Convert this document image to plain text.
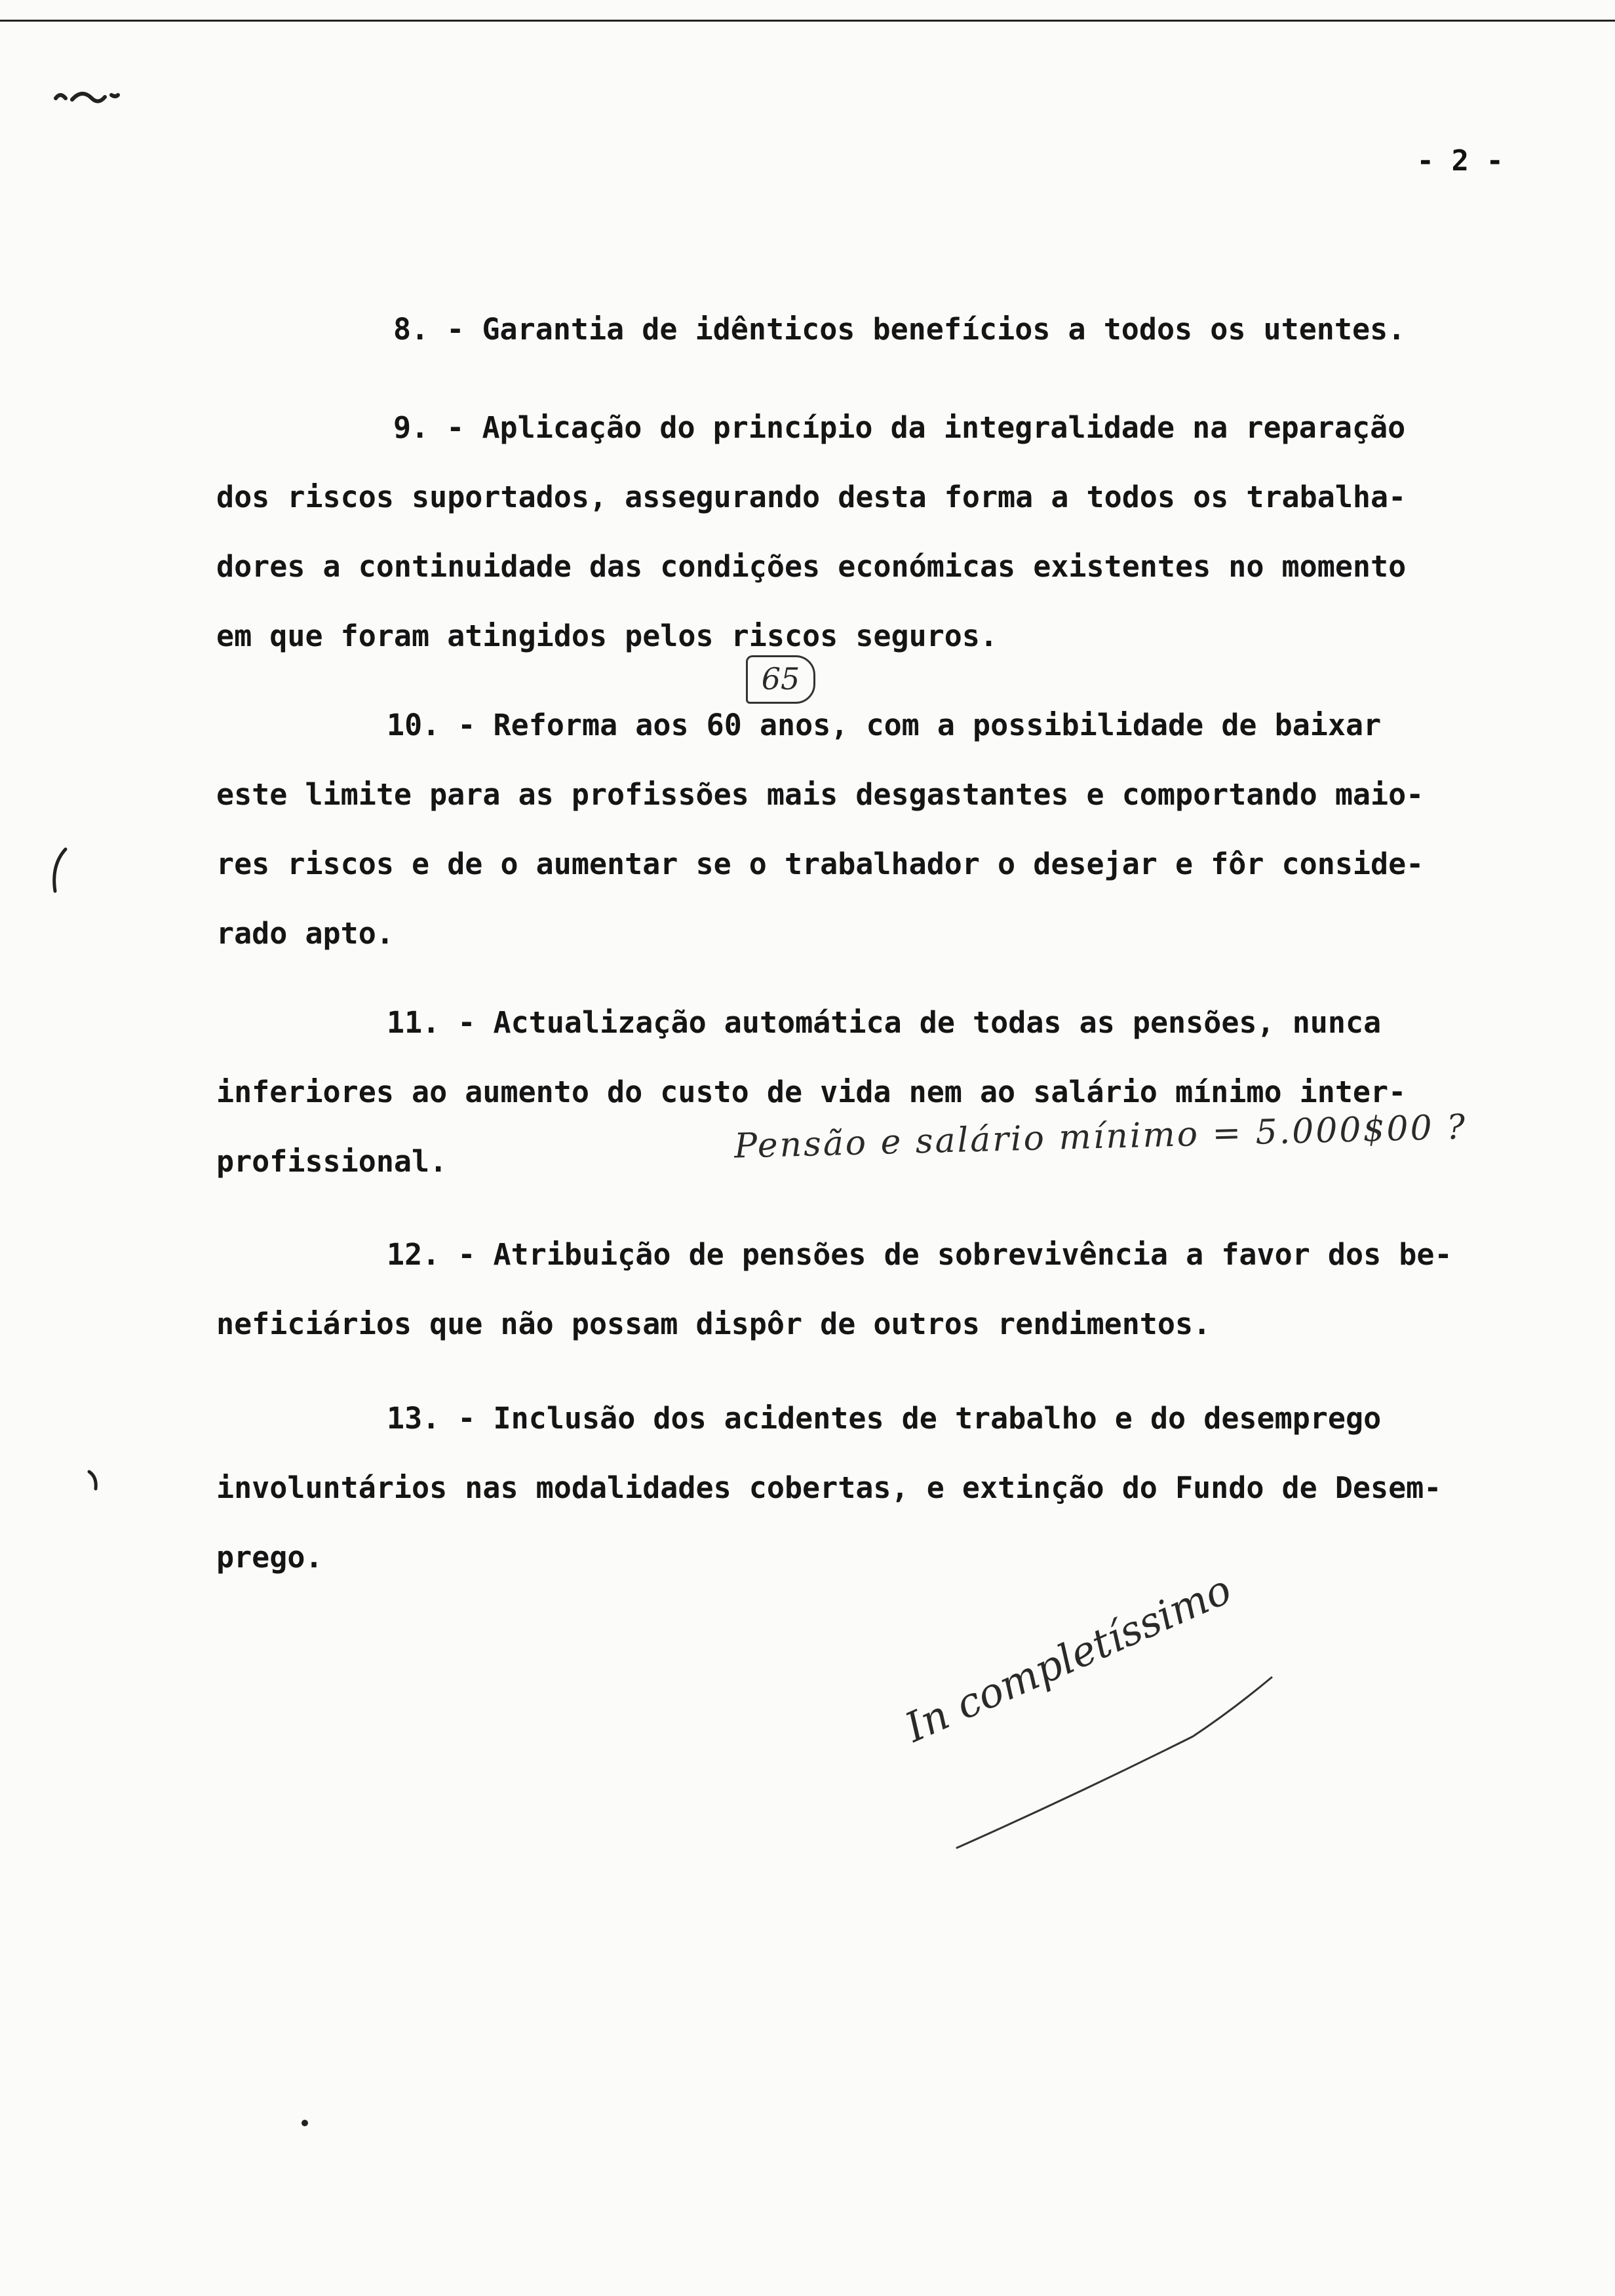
- 2 -
8. - Garantia de idênticos benefícios a todos os utentes.
9. - Aplicação do princípio da integralidade na reparação
dos riscos suportados, assegurando desta forma a todos os trabalha-
dores a continuidade das condições económicas existentes no momento
em que foram atingidos pelos riscos seguros.
65
10. - Reforma aos 60 anos, com a possibilidade de baixar
este limite para as profissões mais desgastantes e comportando maio-
res riscos e de o aumentar se o trabalhador o desejar e fôr conside-
rado apto.
11. - Actualização automática de todas as pensões, nunca
inferiores ao aumento do custo de vida nem ao salário mínimo inter-
profissional.	Pensão e salário mínimo = 5.000$00 ?
12. - Atribuição de pensões de sobrevivência a favor dos be-
neficiários que não possam dispôr de outros rendimentos.
13. - Inclusão dos acidentes de trabalho e do desemprego
involuntários nas modalidades cobertas, e extinção do Fundo de Desem-
prego.
In completíssimo
